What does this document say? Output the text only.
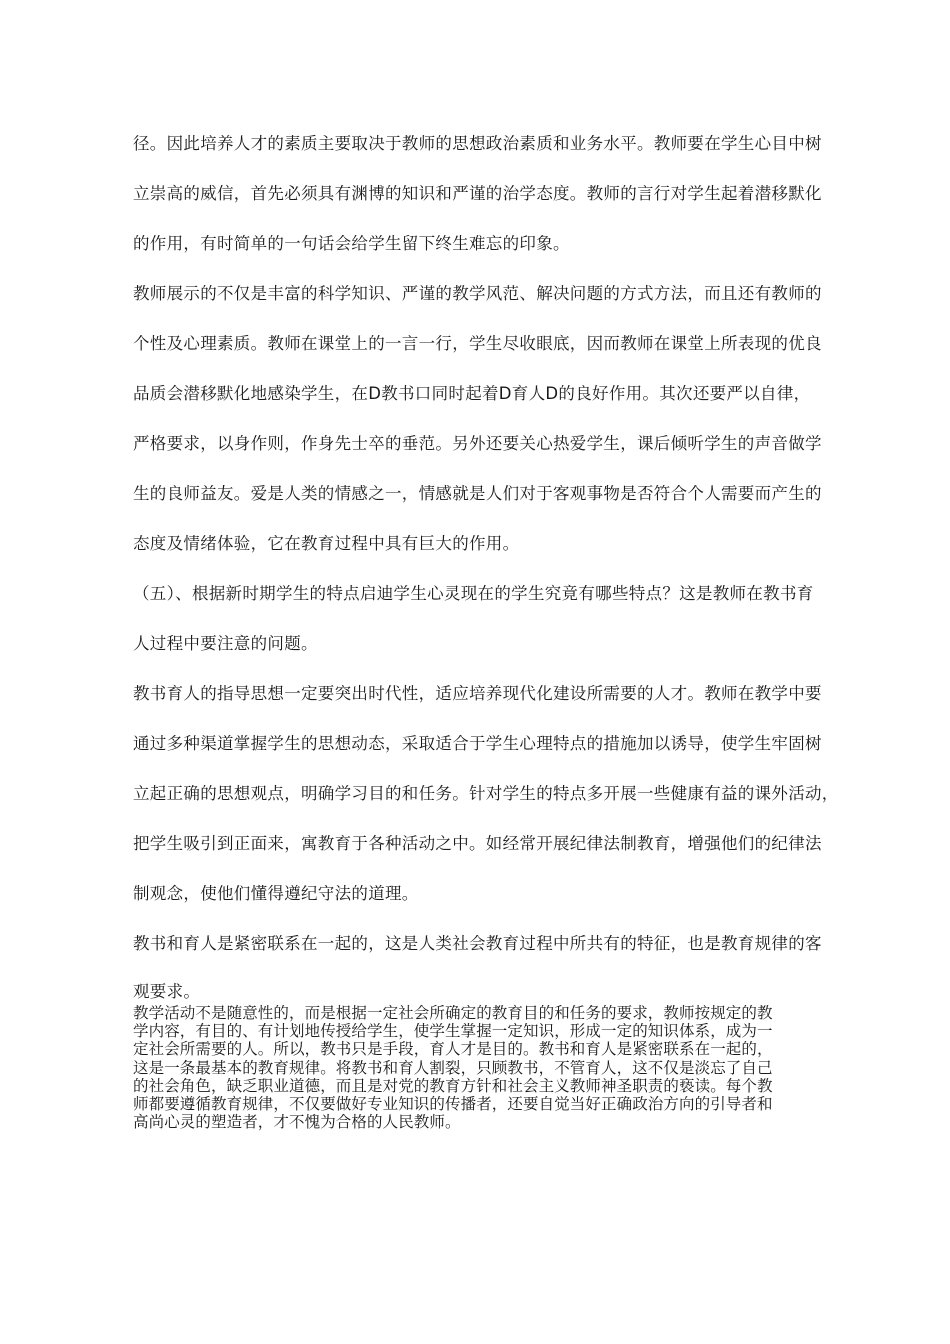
径。因此培养人才的素质主要取决于教师的思想政治素质和业务水平。教师要在学生心目中树
立崇高的威信，首先必须具有渊博的知识和严谨的治学态度。教师的言行对学生起着潜移默化
的作用，有时简单的一句话会给学生留下终生难忘的印象。
教师展示的不仅是丰富的科学知识、严谨的教学风范、解决问题的方式方法，而且还有教师的
个性及心理素质。教师在课堂上的一言一行，学生尽收眼底，因而教师在课堂上所表现的优良
品质会潜移默化地感染学生，在D教书口同时起着D育人D的良好作用。其次还要严以自律，
严格要求，以身作则，作身先士卒的垂范。另外还要关心热爱学生，课后倾听学生的声音做学
生的良师益友。爱是人类的情感之一，情感就是人们对于客观事物是否符合个人需要而产生的
态度及情绪体验，它在教育过程中具有巨大的作用。
（五）、根据新时期学生的特点启迪学生心灵现在的学生究竟有哪些特点？这是教师在教书育
人过程中要注意的问题。
教书育人的指导思想一定要突出时代性，适应培养现代化建设所需要的人才。教师在教学中要
通过多种渠道掌握学生的思想动态，采取适合于学生心理特点的措施加以诱导，使学生牢固树
立起正确的思想观点，明确学习目的和任务。针对学生的特点多开展一些健康有益的课外活动，
把学生吸引到正面来，寓教育于各种活动之中。如经常开展纪律法制教育，增强他们的纪律法
制观念，使他们懂得遵纪守法的道理。
教书和育人是紧密联系在一起的，这是人类社会教育过程中所共有的特征，也是教育规律的客
观要求。
教学活动不是随意性的，而是根据一定社会所确定的教育目的和任务的要求，教师按规定的教
学内容，有目的、有计划地传授给学生，使学生掌握一定知识，形成一定的知识体系，成为一
定社会所需要的人。所以，教书只是手段，育人才是目的。教书和育人是紧密联系在一起的，
这是一条最基本的教育规律。将教书和育人割裂，只顾教书，不管育人，这不仅是淡忘了自己
的社会角色，缺乏职业道德，而且是对党的教育方针和社会主义教师神圣职责的亵读。每个教
师都要遵循教育规律，不仅要做好专业知识的传播者，还要自觉当好正确政治方向的引导者和
高尚心灵的塑造者，才不愧为合格的人民教师。
